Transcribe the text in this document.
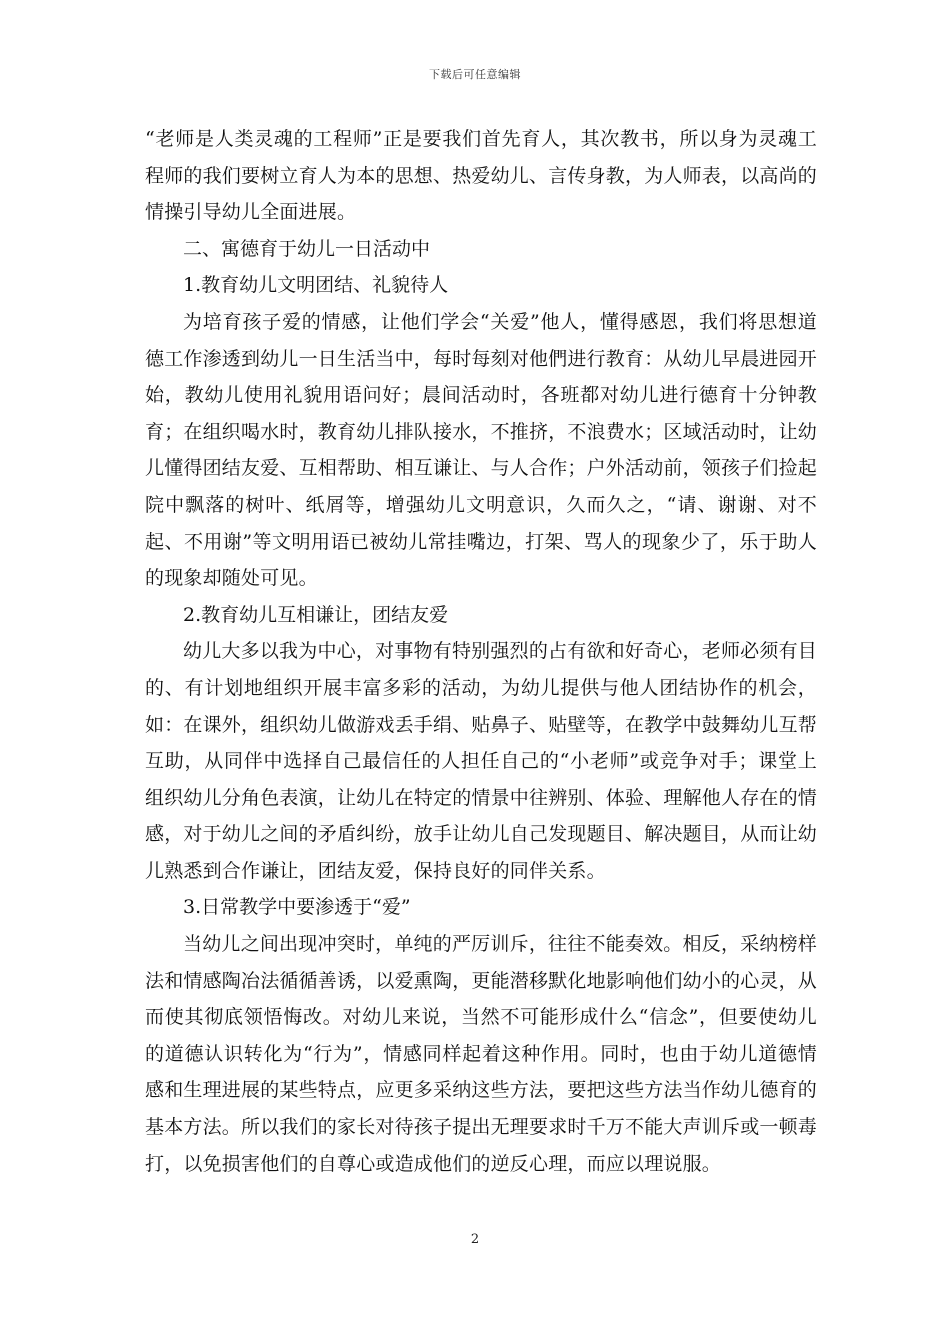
下载后可任意编辑

“老师是人类灵魂的工程师”正是要我们首先育人，其次教书，所以身为灵魂工程师的我们要树立育人为本的思想、热爱幼儿、言传身教，为人师表，以高尚的情操引导幼儿全面进展。

二、寓德育于幼儿一日活动中

1.教育幼儿文明团结、礼貌待人

为培育孩子爱的情感，让他们学会“关爱”他人，懂得感恩，我们将思想道德工作渗透到幼儿一日生活当中，每时每刻对他們进行教育：从幼儿早晨进园开始，教幼儿使用礼貌用语问好；晨间活动时，各班都对幼儿进行德育十分钟教育；在组织喝水时，教育幼儿排队接水，不推挤，不浪费水；区域活动时，让幼儿懂得团结友爱、互相帮助、相互谦让、与人合作；户外活动前，领孩子们捡起院中飘落的树叶、纸屑等，增强幼儿文明意识，久而久之，“请、谢谢、对不起、不用谢”等文明用语已被幼儿常挂嘴边，打架、骂人的现象少了，乐于助人的现象却随处可见。

2.教育幼儿互相谦让，团结友爱

幼儿大多以我为中心，对事物有特别强烈的占有欲和好奇心，老师必须有目的、有计划地组织开展丰富多彩的活动，为幼儿提供与他人团结协作的机会，如：在课外，组织幼儿做游戏丢手绢、贴鼻子、贴壁等，在教学中鼓舞幼儿互帮互助，从同伴中选择自己最信任的人担任自己的“小老师”或竞争对手；课堂上组织幼儿分角色表演，让幼儿在特定的情景中往辨别、体验、理解他人存在的情感，对于幼儿之间的矛盾纠纷，放手让幼儿自己发现题目、解决题目，从而让幼儿熟悉到合作谦让，团结友爱，保持良好的同伴关系。

3.日常教学中要渗透于“爱”

当幼儿之间出现冲突时，单纯的严厉训斥，往往不能奏效。相反，采纳榜样法和情感陶冶法循循善诱，以爱熏陶，更能潜移默化地影响他们幼小的心灵，从而使其彻底领悟悔改。对幼儿来说，当然不可能形成什么“信念”，但要使幼儿的道德认识转化为“行为”，情感同样起着这种作用。同时，也由于幼儿道德情感和生理进展的某些特点，应更多采纳这些方法，要把这些方法当作幼儿德育的基本方法。所以我们的家长对待孩子提出无理要求时千万不能大声训斥或一顿毒打，以免损害他们的自尊心或造成他们的逆反心理，而应以理说服。

2
